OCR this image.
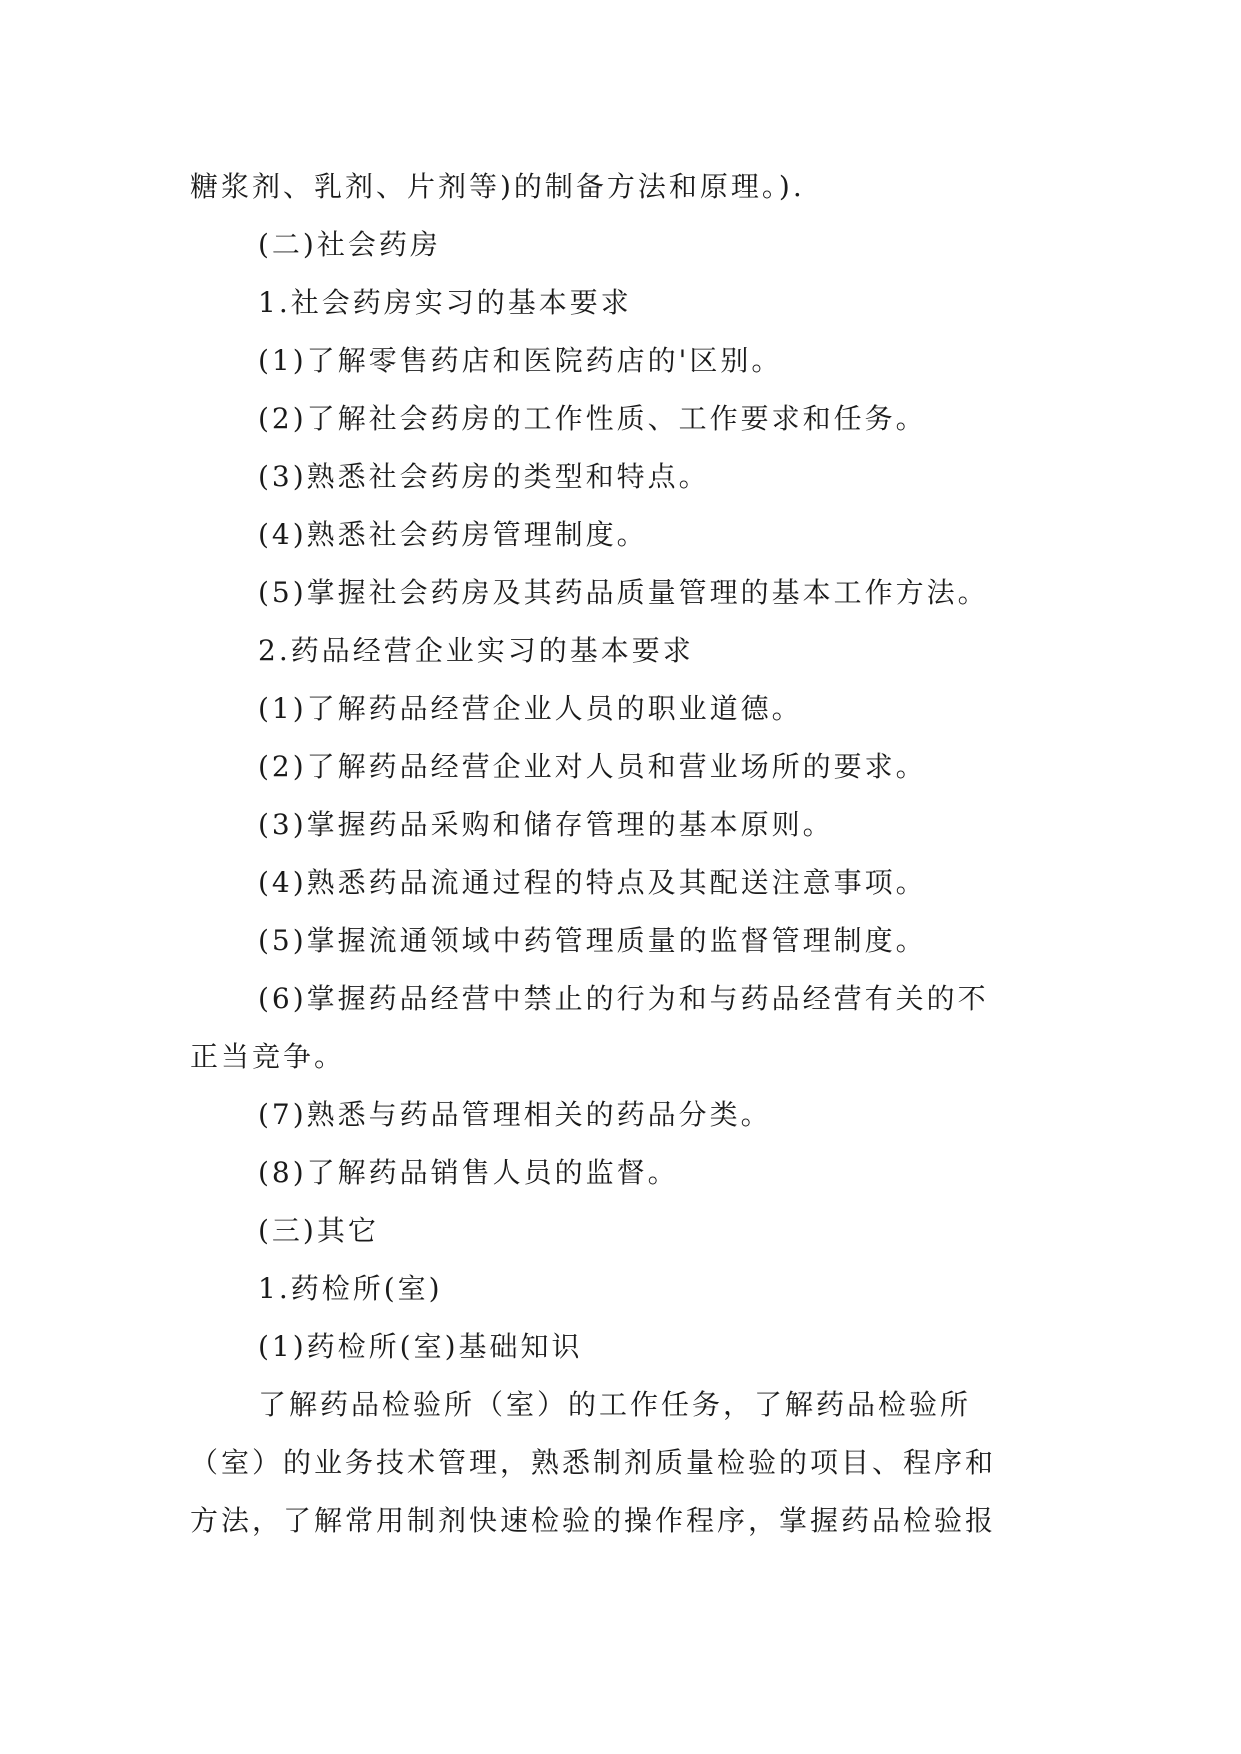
糖浆剂、乳剂、片剂等)的制备方法和原理。).
(二)社会药房
1.社会药房实习的基本要求
(1)了解零售药店和医院药店的'区别。
(2)了解社会药房的工作性质、工作要求和任务。
(3)熟悉社会药房的类型和特点。
(4)熟悉社会药房管理制度。
(5)掌握社会药房及其药品质量管理的基本工作方法。
2.药品经营企业实习的基本要求
(1)了解药品经营企业人员的职业道德。
(2)了解药品经营企业对人员和营业场所的要求。
(3)掌握药品采购和储存管理的基本原则。
(4)熟悉药品流通过程的特点及其配送注意事项。
(5)掌握流通领域中药管理质量的监督管理制度。
(6)掌握药品经营中禁止的行为和与药品经营有关的不
正当竞争。
(7)熟悉与药品管理相关的药品分类。
(8)了解药品销售人员的监督。
(三)其它
1.药检所(室)
(1)药检所(室)基础知识
了解药品检验所（室）的工作任务，了解药品检验所
（室）的业务技术管理，熟悉制剂质量检验的项目、程序和
方法，了解常用制剂快速检验的操作程序，掌握药品检验报
